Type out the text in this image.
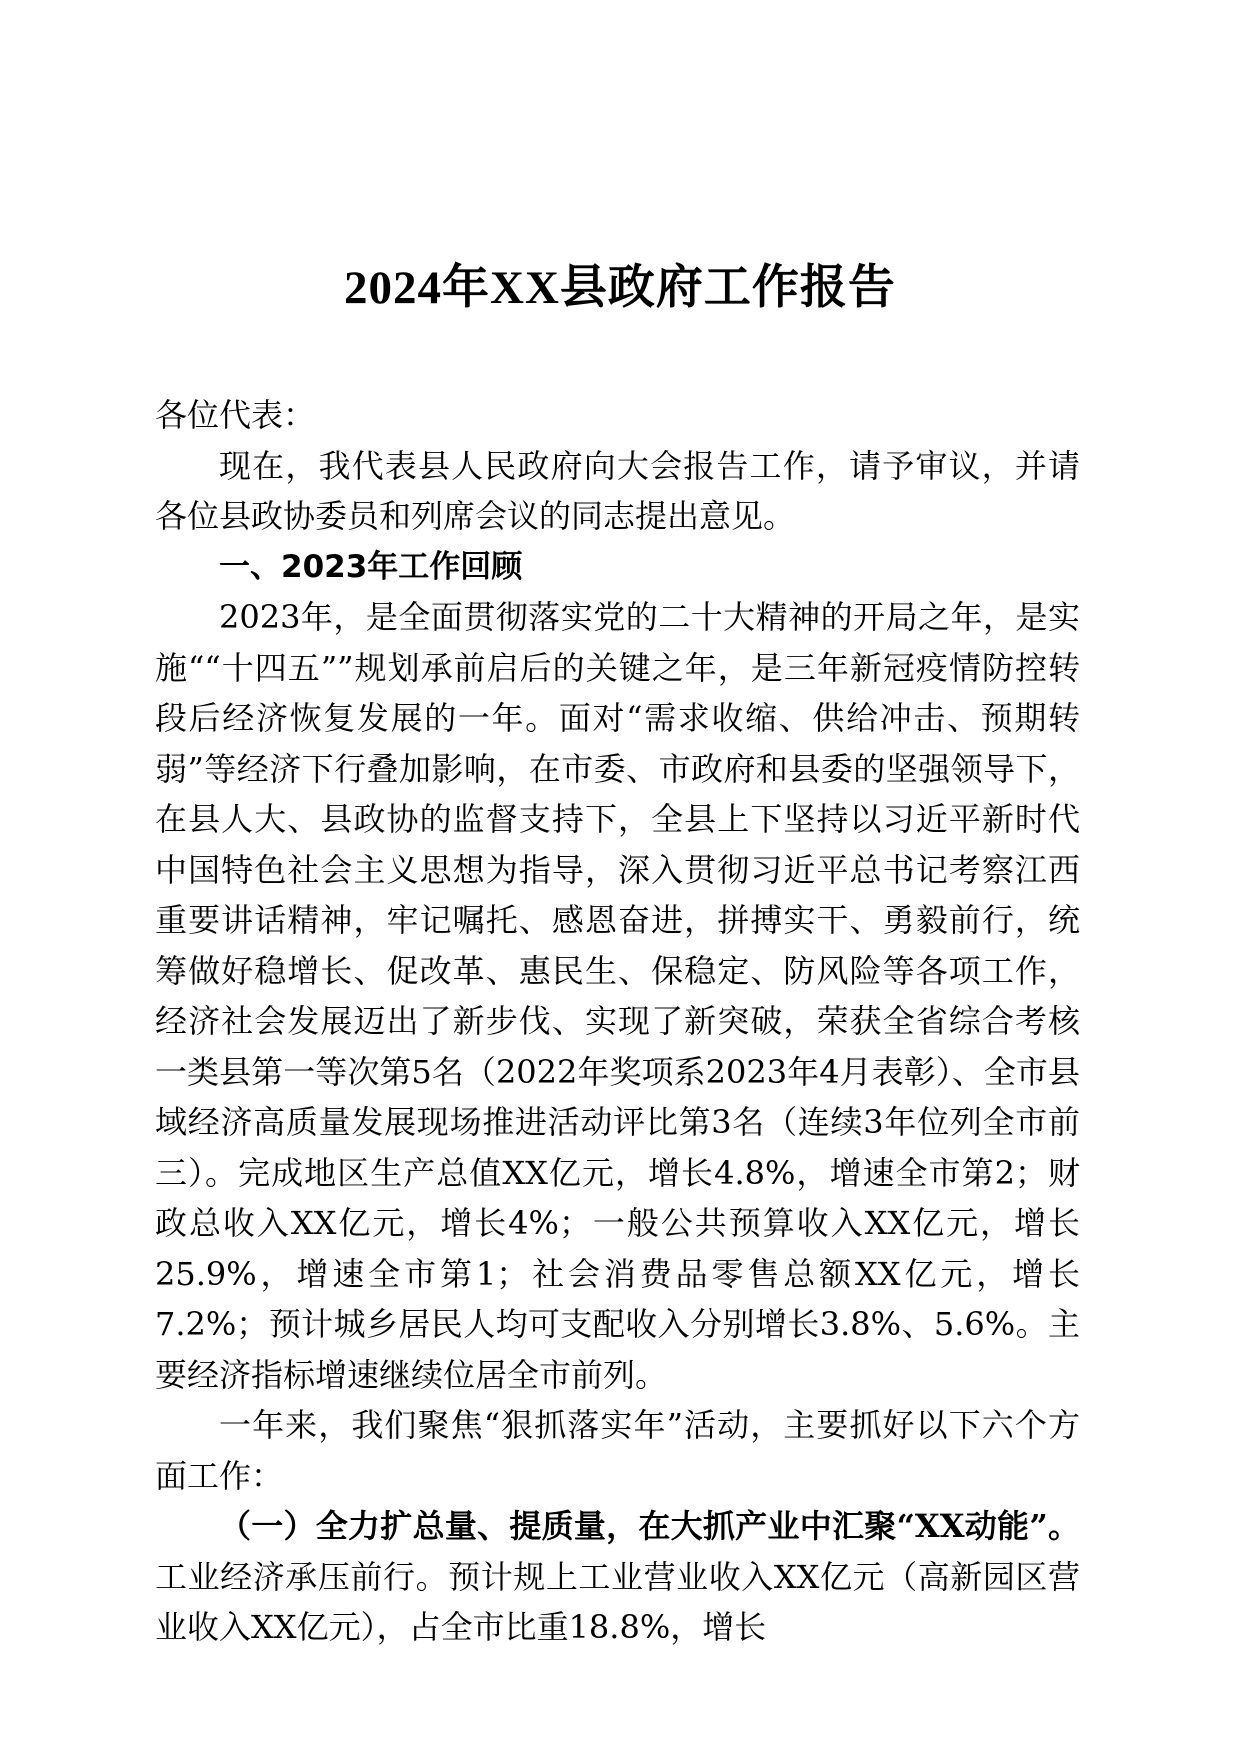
2024年XX县政府工作报告

各位代表：

现在，我代表县人民政府向大会报告工作，请予审议，并请各位县政协委员和列席会议的同志提出意见。

一、2023年工作回顾

2023年，是全面贯彻落实党的二十大精神的开局之年，是实施““十四五””规划承前启后的关键之年，是三年新冠疫情防控转段后经济恢复发展的一年。面对“需求收缩、供给冲击、预期转弱”等经济下行叠加影响，在市委、市政府和县委的坚强领导下，在县人大、县政协的监督支持下，全县上下坚持以习近平新时代中国特色社会主义思想为指导，深入贯彻习近平总书记考察江西重要讲话精神，牢记嘱托、感恩奋进，拼搏实干、勇毅前行，统筹做好稳增长、促改革、惠民生、保稳定、防风险等各项工作，经济社会发展迈出了新步伐、实现了新突破，荣获全省综合考核一类县第一等次第5名（2022年奖项系2023年4月表彰）、全市县域经济高质量发展现场推进活动评比第3名（连续3年位列全市前三）。完成地区生产总值XX亿元，增长4.8%，增速全市第2；财政总收入XX亿元，增长4%；一般公共预算收入XX亿元，增长25.9%，增速全市第1；社会消费品零售总额XX亿元，增长7.2%；预计城乡居民人均可支配收入分别增长3.8%、5.6%。主要经济指标增速继续位居全市前列。

一年来，我们聚焦“狠抓落实年”活动，主要抓好以下六个方面工作：

（一）全力扩总量、提质量，在大抓产业中汇聚“XX动能”。工业经济承压前行。预计规上工业营业收入XX亿元（高新园区营业收入XX亿元），占全市比重18.8%，增长
